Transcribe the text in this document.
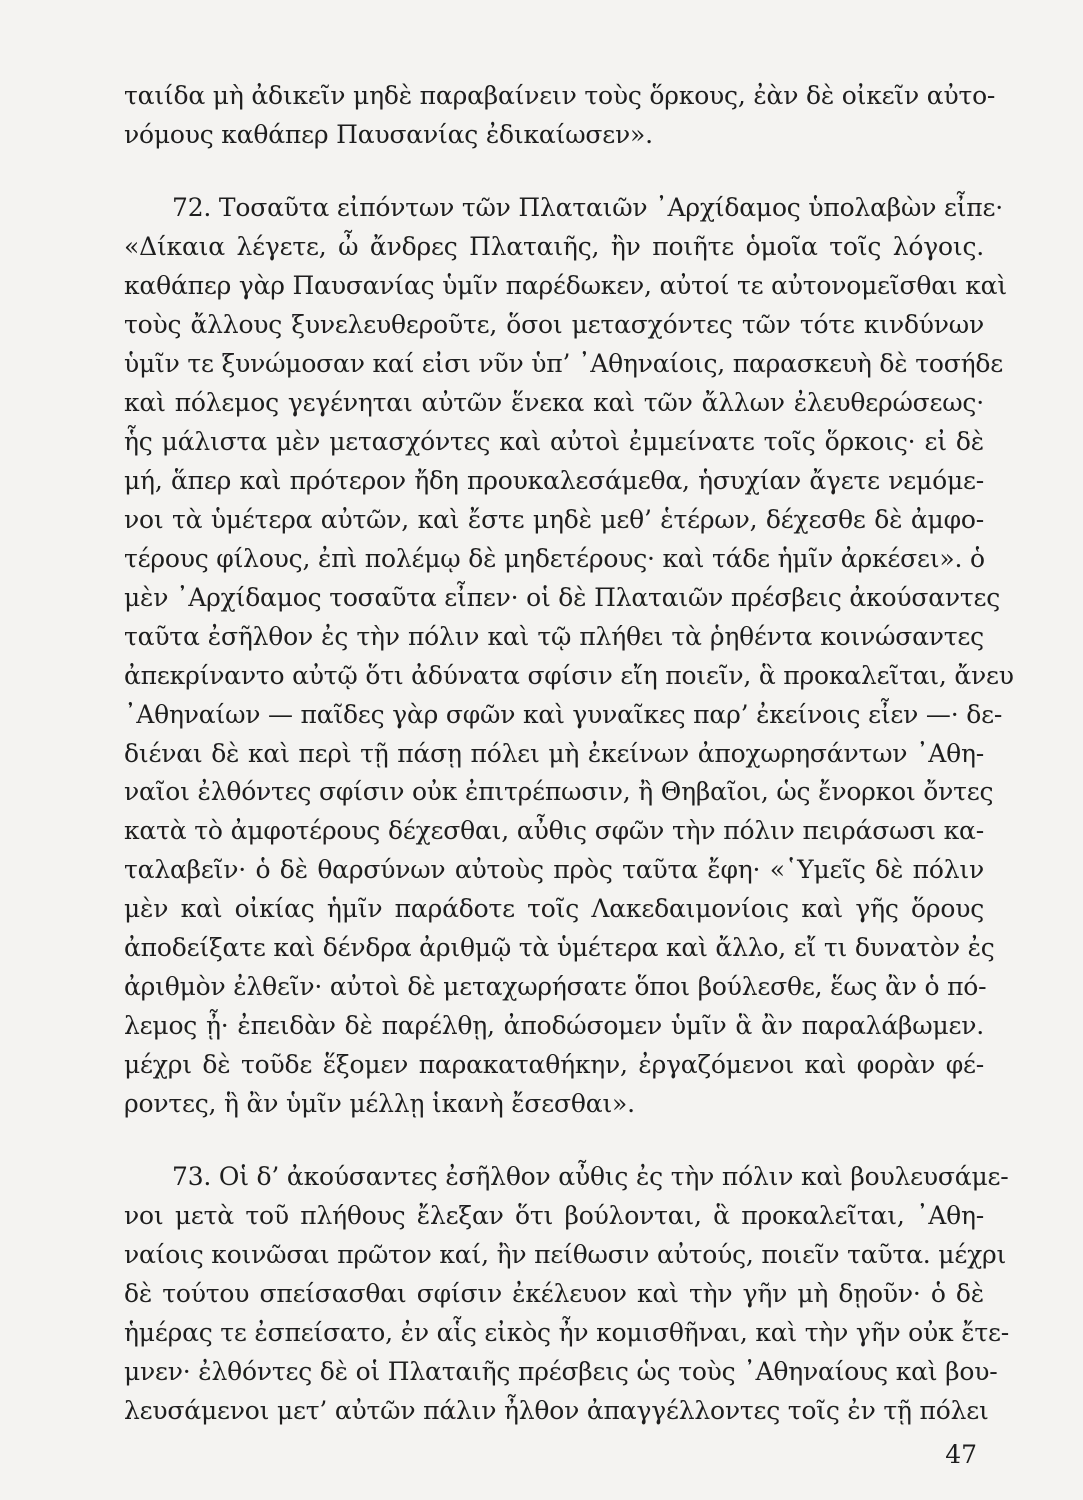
ταιίδα μὴ ἀδικεῖν μηδὲ παραβαίνειν τοὺς ὅρκους, ἐὰν δὲ οἰκεῖν αὐτο-
νόμους καθάπερ Παυσανίας ἐδικαίωσεν».
72. Τοσαῦτα εἰπόντων τῶν Πλαταιῶν ᾿Αρχίδαμος ὑπολαβὼν εἶπε·
«Δίκαια λέγετε, ὦ ἄνδρες Πλαταιῆς, ἢν ποιῆτε ὁμοῖα τοῖς λόγοις.
καθάπερ γὰρ Παυσανίας ὑμῖν παρέδωκεν, αὐτοί τε αὐτονομεῖσθαι καὶ
τοὺς ἄλλους ξυνελευθεροῦτε, ὅσοι μετασχόντες τῶν τότε κινδύνων
ὑμῖν τε ξυνώμοσαν καί εἰσι νῦν ὑπ’ ᾿Αθηναίοις, παρασκευὴ δὲ τοσήδε
καὶ πόλεμος γεγένηται αὐτῶν ἕνεκα καὶ τῶν ἄλλων ἐλευθερώσεως·
ἧς μάλιστα μὲν μετασχόντες καὶ αὐτοὶ ἐμμείνατε τοῖς ὅρκοις· εἰ δὲ
μή, ἅπερ καὶ πρότερον ἤδη προυκαλεσάμεθα, ἡσυχίαν ἄγετε νεμόμε-
νοι τὰ ὑμέτερα αὐτῶν, καὶ ἔστε μηδὲ μεθ’ ἑτέρων, δέχεσθε δὲ ἀμφο-
τέρους φίλους, ἐπὶ πολέμῳ δὲ μηδετέρους· καὶ τάδε ἡμῖν ἀρκέσει». ὁ
μὲν ᾿Αρχίδαμος τοσαῦτα εἶπεν· οἱ δὲ Πλαταιῶν πρέσβεις ἀκούσαντες
ταῦτα ἐσῆλθον ἐς τὴν πόλιν καὶ τῷ πλήθει τὰ ῥηθέντα κοινώσαντες
ἀπεκρίναντο αὐτῷ ὅτι ἀδύνατα σφίσιν εἴη ποιεῖν, ἃ προκαλεῖται, ἄνευ
᾿Αθηναίων — παῖδες γὰρ σφῶν καὶ γυναῖκες παρ’ ἐκείνοις εἶεν —· δε-
διέναι δὲ καὶ περὶ τῇ πάσῃ πόλει μὴ ἐκείνων ἀποχωρησάντων ᾿Αθη-
ναῖοι ἐλθόντες σφίσιν οὐκ ἐπιτρέπωσιν, ἢ Θηβαῖοι, ὡς ἔνορκοι ὄντες
κατὰ τὸ ἀμφοτέρους δέχεσθαι, αὖθις σφῶν τὴν πόλιν πειράσωσι κα-
ταλαβεῖν· ὁ δὲ θαρσύνων αὐτοὺς πρὸς ταῦτα ἔφη· «῾Υμεῖς δὲ πόλιν
μὲν καὶ οἰκίας ἡμῖν παράδοτε τοῖς Λακεδαιμονίοις καὶ γῆς ὅρους
ἀποδείξατε καὶ δένδρα ἀριθμῷ τὰ ὑμέτερα καὶ ἄλλο, εἴ τι δυνατὸν ἐς
ἀριθμὸν ἐλθεῖν· αὐτοὶ δὲ μεταχωρήσατε ὅποι βούλεσθε, ἕως ἂν ὁ πό-
λεμος ᾖ· ἐπειδὰν δὲ παρέλθῃ, ἀποδώσομεν ὑμῖν ἃ ἂν παραλάβωμεν.
μέχρι δὲ τοῦδε ἕξομεν παρακαταθήκην, ἐργαζόμενοι καὶ φορὰν φέ-
ροντες, ἣ ἂν ὑμῖν μέλλῃ ἱκανὴ ἔσεσθαι».
73. Οἱ δ’ ἀκούσαντες ἐσῆλθον αὖθις ἐς τὴν πόλιν καὶ βουλευσάμε-
νοι μετὰ τοῦ πλήθους ἔλεξαν ὅτι βούλονται, ἃ προκαλεῖται, ᾿Αθη-
ναίοις κοινῶσαι πρῶτον καί, ἢν πείθωσιν αὐτούς, ποιεῖν ταῦτα. μέχρι
δὲ τούτου σπείσασθαι σφίσιν ἐκέλευον καὶ τὴν γῆν μὴ δῃοῦν· ὁ δὲ
ἡμέρας τε ἐσπείσατο, ἐν αἷς εἰκὸς ἦν κομισθῆναι, καὶ τὴν γῆν οὐκ ἔτε-
μνεν· ἐλθόντες δὲ οἱ Πλαταιῆς πρέσβεις ὡς τοὺς ᾿Αθηναίους καὶ βου-
λευσάμενοι μετ’ αὐτῶν πάλιν ἦλθον ἀπαγγέλλοντες τοῖς ἐν τῇ πόλει
47
